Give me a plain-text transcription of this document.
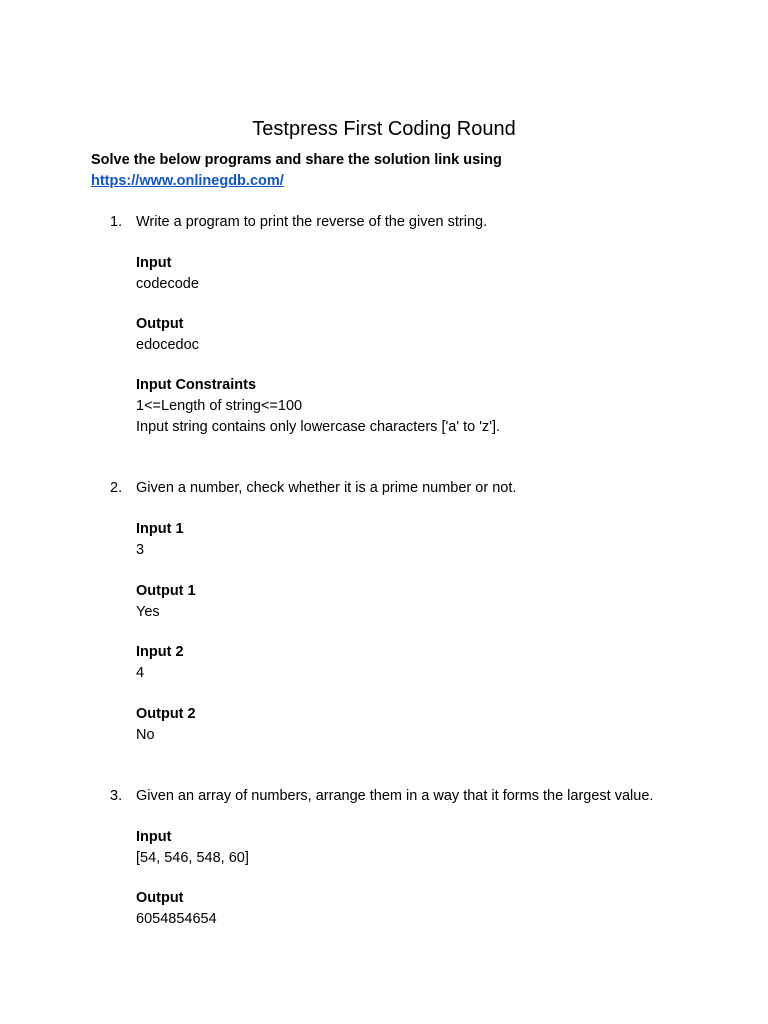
Testpress First Coding Round
Solve the below programs and share the solution link using
https://www.onlinegdb.com/
1. Write a program to print the reverse of the given string.
Input
codecode
Output
edocedoc
Input Constraints
1<=Length of string<=100
Input string contains only lowercase characters ['a' to 'z'].
2. Given a number, check whether it is a prime number or not.
Input 1
3
Output 1
Yes
Input 2
4
Output 2
No
3. Given an array of numbers, arrange them in a way that it forms the largest value.
Input
[54, 546, 548, 60]
Output
6054854654
